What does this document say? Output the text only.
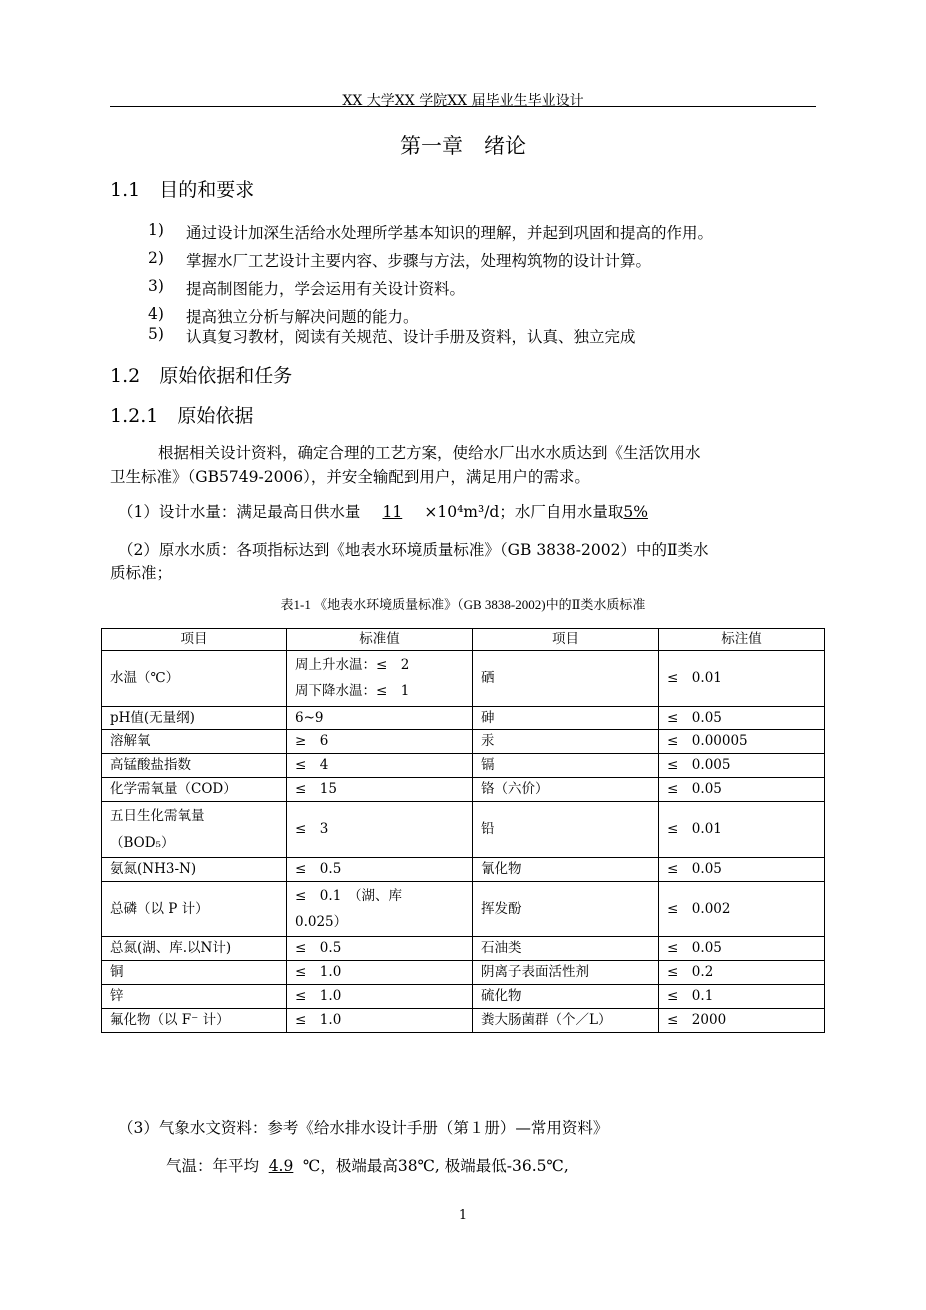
XX 大学XX 学院XX 届毕业生毕业设计
第一章　绪论
1.1　目的和要求
1) 通过设计加深生活给水处理所学基本知识的理解，并起到巩固和提高的作用。
2) 掌握水厂工艺设计主要内容、步骤与方法，处理构筑物的设计计算。
3) 提高制图能力，学会运用有关设计资料。
4) 提高独立分析与解决问题的能力。
5) 认真复习教材，阅读有关规范、设计手册及资料，认真、独立完成
1.2　原始依据和任务
1.2.1　原始依据
根据相关设计资料，确定合理的工艺方案，使给水厂出水水质达到《生活饮用水
卫生标准》（GB5749-2006），并安全输配到用户，满足用户的需求。
（1）设计水量：满足最高日供水量 11 ×10⁴m³/d；水厂自用水量取5%
（2）原水水质：各项指标达到《地表水环境质量标准》（GB 3838-2002）中的Ⅱ类水
质标准；
表1-1 《地表水环境质量标准》（GB 3838-2002)中的Ⅱ类水质标准
项目	标准值	项目	标注值

水温（℃）	周上升水温：≤　2
周下降水温：≤　1	硒	≤　0.01

pH值(无量纲)	6~9	砷	≤　0.05

溶解氧	≥　6	汞	≤　0.00005

高锰酸盐指数	≤　4	镉	≤　0.005

化学需氧量（COD）	≤　15	铬（六价）	≤　0.05

五日生化需氧量
（BOD₅）	≤　3	铅	≤　0.01

氨氮(NH3-N)	≤　0.5	氰化物	≤　0.05

总磷（以 P 计）	≤　0.1　（湖、库
0.025）	挥发酚	≤　0.002

总氮(湖、库.以N计)	≤　0.5	石油类	≤　0.05

铜	≤　1.0	阴离子表面活性剂	≤　0.2

锌	≤　1.0	硫化物	≤　0.1

氟化物（以 F⁻ 计）	≤　1.0	粪大肠菌群（个／L）	≤　2000
（3）气象水文资料：参考《给水排水设计手册（第１册）—常用资料》
气温：年平均 4.9 ℃，极端最高38℃, 极端最低-36.5℃,
1
